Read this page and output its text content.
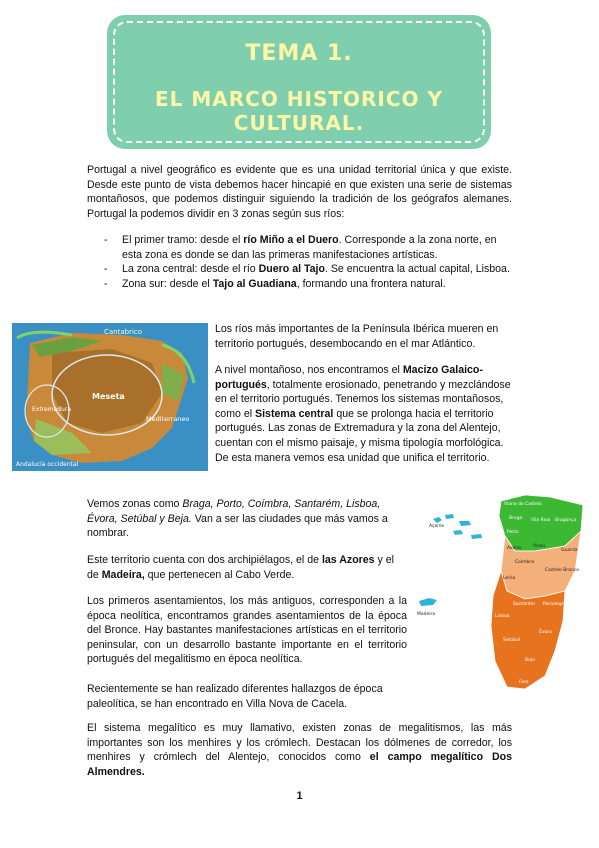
TEMA 1.
EL MARCO HISTORICO Y CULTURAL.

Portugal a nivel geográfico es evidente que es una unidad territorial única y que existe. Desde este punto de vista debemos hacer hincapié en que existen una serie de sistemas montañosos, que podemos distinguir siguiendo la tradición de los geógrafos alemanes. Portugal la podemos dividir en 3 zonas según sus ríos:

- El primer tramo: desde el río Miño a el Duero. Corresponde a la zona norte, en esta zona es donde se dan las primeras manifestaciones artísticas.
- La zona central: desde el río Duero al Tajo. Se encuentra la actual capital, Lisboa.
- Zona sur: desde el Tajo al Guadiana, formando una frontera natural.
Cantabrico
Meseta
Mediterraneo
Extremadura
Andalucía occidental

Los ríos más importantes de la Península Ibérica mueren en territorio portugués, desembocando en el mar Atlántico.

A nivel montañoso, nos encontramos el Macizo Galaico-portugués, totalmente erosionado, penetrando y mezclándose en el territorio portugués. Tenemos los sistemas montañosos, como el Sistema central que se prolonga hacia el territorio portugués. Las zonas de Extremadura y la zona del Alentejo, cuentan con el mismo paisaje, y misma tipología morfológica. De esta manera vemos esa unidad que unifica el territorio.

Vemos zonas como Braga, Porto, Coímbra, Santarém, Lisboa, Évora, Setúbal y Beja. Van a ser las ciudades que más vamos a nombrar.

Este territorio cuenta con dos archipiélagos, el de las Azores y el de Madeira, que pertenecen al Cabo Verde.

Los primeros asentamientos, los más antiguos, corresponden a la época neolítica, encontramos grandes asentamientos de la época del Bronce. Hay bastantes manifestaciones artísticas en el territorio peninsular, con un desarrollo bastante importante en el territorio portugués del megalitismo en época neolítica.

Recientemente se han realizado diferentes hallazgos de época paleolítica, se han encontrado en Villa Nova de Cacela.

El sistema megalítico es muy llamativo, existen zonas de megalitismos, las más importantes son los menhires y los crómlech. Destacan los dólmenes de corredor, los menhires y crómlech del Alentejo, conocidos como el campo megalítico Dos Almendres.

Açores
Madeira
Viana do Castelo
Vila Real Bragança
Braga
Porto
Aveiro	Viseu
Guarda
Coimbra
Castelo Branco
Leiria
Santarém Portalegre
Lisboa
Setúbal
Évora
Beja
Faro
1
